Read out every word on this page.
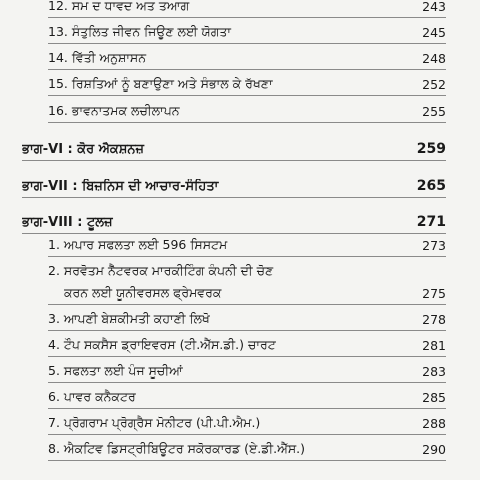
12. ਸਮ ਦ ਧਾਵਦ ਅਤ ਤਆਗ	243
13. ਸੰਤੁਲਿਤ ਜੀਵਨ ਜਿਊਣ ਲਈ ਯੋਗਤਾ	245
14. ਵਿੱਤੀ ਅਨੁਸ਼ਾਸਨ	248
15. ਰਿਸ਼ਤਿਆਂ ਨੂੰ ਬਣਾਉਣਾ ਅਤੇ ਸੰਭਾਲ ਕੇ ਰੱਖਣਾ	252
16. ਭਾਵਨਾਤਮਕ ਲਚੀਲਾਪਨ	255
ਭਾਗ-VI : ਕੋਰ ਐਕਸ਼ਨਜ਼	259
ਭਾਗ-VII : ਬਿਜ਼ਨਿਸ ਦੀ ਆਚਾਰ-ਸੰਹਿਤਾ	265
ਭਾਗ-VIII : ਟੂਲਜ਼	271
1. ਅਪਾਰ ਸਫਲਤਾ ਲਈ 596 ਸਿਸਟਮ	273
2. ਸਰਵੋਤਮ ਨੈੱਟਵਰਕ ਮਾਰਕੀਟਿੰਗ ਕੰਪਨੀ ਦੀ ਚੋਣ
ਕਰਨ ਲਈ ਯੂਨੀਵਰਸਲ ਫ੍ਰੇਮਵਰਕ	275
3. ਆਪਣੀ ਬੇਸ਼ਕੀਮਤੀ ਕਹਾਣੀ ਲਿਖੋ	278
4. ਟੌਪ ਸਕਸੈਸ ਡ੍ਰਾਇਵਰਸ (ਟੀ.ਐੱਸ.ਡੀ.) ਚਾਰਟ	281
5. ਸਫਲਤਾ ਲਈ ਪੰਜ ਸੂਚੀਆਂ	283
6. ਪਾਵਰ ਕਨੈਕਟਰ	285
7. ਪ੍ਰੋਗਰਾਮ ਪ੍ਰੋਗ੍ਰੈਸ ਮੋਨੀਟਰ (ਪੀ.ਪੀ.ਐਮ.)	288
8. ਐਕਟਿਵ ਡਿਸਟ੍ਰੀਬਿਊਟਰ ਸਕੋਰਕਾਰਡ (ਏ.ਡੀ.ਐੱਸ.)	290
